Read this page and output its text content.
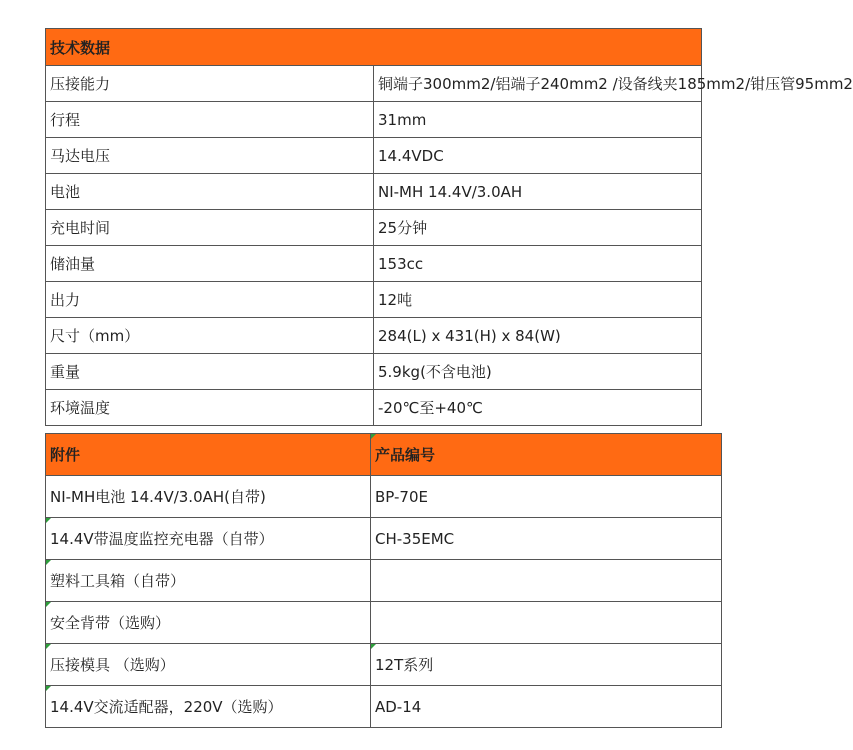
技术数据	
压接能力	铜端子300mm2/铝端子240mm2 /设备线夹185mm2/钳压管95mm2
行程	31mm
马达电压	14.4VDC
电池	NI-MH 14.4V/3.0AH
充电时间	25分钟
储油量	153cc
出力	12吨
尺寸（mm）	284(L) x 431(H) x 84(W)
重量	5.9kg(不含电池)
环境温度	-20℃至+40℃
附件	产品编号
NI-MH电池 14.4V/3.0AH(自带)	BP-70E
14.4V带温度监控充电器（自带）	CH-35EMC
塑料工具箱（自带）	
安全背带（选购）	
压接模具 （选购）	12T系列
14.4V交流适配器，220V（选购）	AD-14
